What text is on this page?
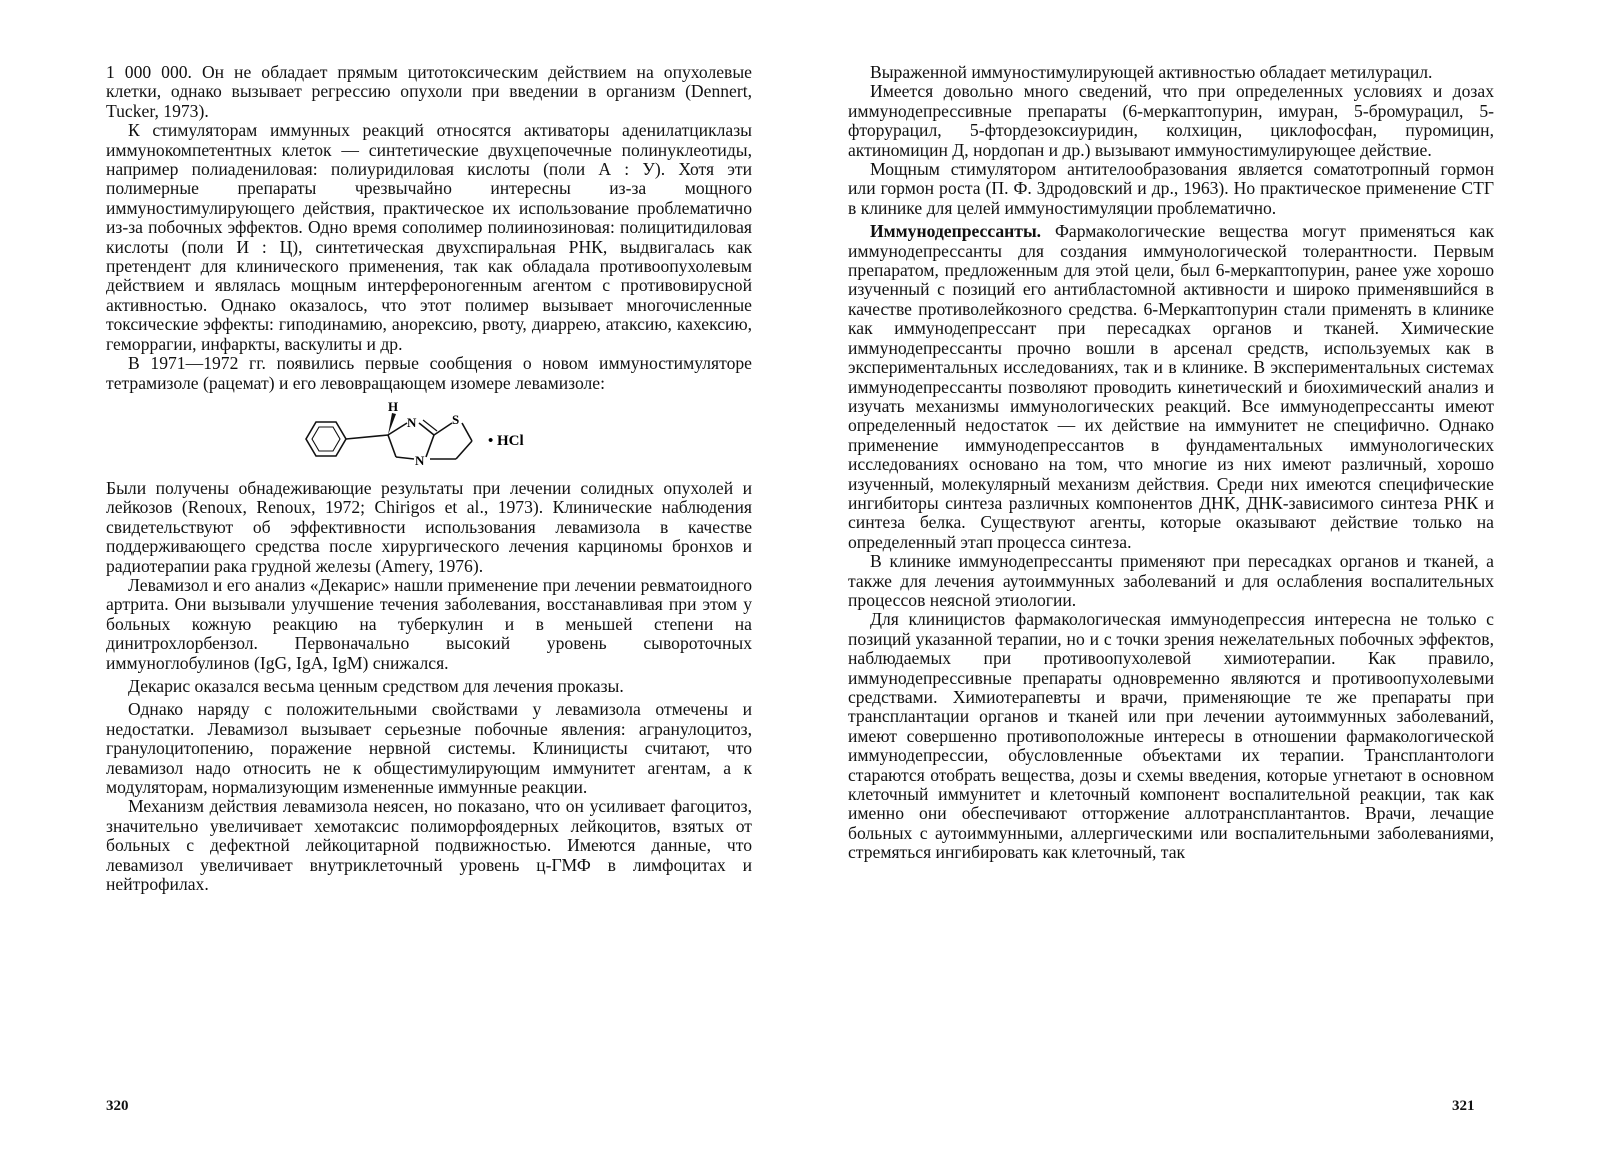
1 000 000. Он не обладает прямым цитотоксическим действием на опухолевые клетки, однако вызывает регрессию опухоли при введении в организм (Dennert, Tucker, 1973).

К стимуляторам иммунных реакций относятся активаторы аденилатциклазы иммунокомпетентных клеток — синтетические двухцепочечные полинуклеотиды, например полиадениловая: полиуридиловая кислоты (поли А : У). Хотя эти полимерные препараты чрезвычайно интересны из-за мощного иммуностимулирующего действия, практическое их использование проблематично из-за побочных эффектов. Одно время сополимер полиинозиновая: полицитидиловая кислоты (поли И : Ц), синтетическая двухспиральная РНК, выдвигалась как претендент для клинического применения, так как обладала противоопухолевым действием и являлась мощным интерфероногенным агентом с противовирусной активностью. Однако оказалось, что этот полимер вызывает многочисленные токсические эффекты: гиподинамию, анорексию, рвоту, диаррею, атаксию, кахексию, геморрагии, инфаркты, васкулиты и др.

В 1971—1972 гг. появились первые сообщения о новом иммуностимуляторе тетрамизоле (рацемат) и его левовращающем изомере левамизоле:

H
N
N
S
• HCl

Были получены обнадеживающие результаты при лечении солидных опухолей и лейкозов (Renoux, Renoux, 1972; Chirigos et al., 1973). Клинические наблюдения свидетельствуют об эффективности использования левамизола в качестве поддерживающего средства после хирургического лечения карциномы бронхов и радиотерапии рака грудной железы (Amery, 1976).

Левамизол и его анализ «Декарис» нашли применение при лечении ревматоидного артрита. Они вызывали улучшение течения заболевания, восстанавливая при этом у больных кожную реакцию на туберкулин и в меньшей степени на динитрохлорбензол. Первоначально высокий уровень сывороточных иммуноглобулинов (IgG, IgA, IgM) снижался.

Декарис оказался весьма ценным средством для лечения проказы.

Однако наряду с положительными свойствами у левамизола отмечены и недостатки. Левамизол вызывает серьезные побочные явления: агранулоцитоз, гранулоцитопению, поражение нервной системы. Клиницисты считают, что левамизол надо относить не к общестимулирующим иммунитет агентам, а к модуляторам, нормализующим измененные иммунные реакции.

Механизм действия левамизола неясен, но показано, что он усиливает фагоцитоз, значительно увеличивает хемотаксис полиморфоядерных лейкоцитов, взятых от больных с дефектной лейкоцитарной подвижностью. Имеются данные, что левамизол увеличивает внутриклеточный уровень ц-ГМФ в лимфоцитах и нейтрофилах.

320

Выраженной иммуностимулирующей активностью обладает метилурацил.

Имеется довольно много сведений, что при определенных условиях и дозах иммунодепрессивные препараты (6-меркаптопурин, имуран, 5-бромурацил, 5-фторурацил, 5-фтордезоксиуридин, колхицин, циклофосфан, пуромицин, актиномицин Д, нордопан и др.) вызывают иммуностимулирующее действие.

Мощным стимулятором антителообразования является соматотропный гормон или гормон роста (П. Ф. Здродовский и др., 1963). Но практическое применение СТГ в клинике для целей иммуностимуляции проблематично.

Иммунодепрессанты. Фармакологические вещества могут применяться как иммунодепрессанты для создания иммунологической толерантности. Первым препаратом, предложенным для этой цели, был 6-меркаптопурин, ранее уже хорошо изученный с позиций его антибластомной активности и широко применявшийся в качестве противолейкозного средства. 6-Меркаптопурин стали применять в клинике как иммунодепрессант при пересадках органов и тканей. Химические иммунодепрессанты прочно вошли в арсенал средств, используемых как в экспериментальных исследованиях, так и в клинике. В экспериментальных системах иммунодепрессанты позволяют проводить кинетический и биохимический анализ и изучать механизмы иммунологических реакций. Все иммунодепрессанты имеют определенный недостаток — их действие на иммунитет не специфично. Однако применение иммунодепрессантов в фундаментальных иммунологических исследованиях основано на том, что многие из них имеют различный, хорошо изученный, молекулярный механизм действия. Среди них имеются специфические ингибиторы синтеза различных компонентов ДНК, ДНК-зависимого синтеза РНК и синтеза белка. Существуют агенты, которые оказывают действие только на определенный этап процесса синтеза.

В клинике иммунодепрессанты применяют при пересадках органов и тканей, а также для лечения аутоиммунных заболеваний и для ослабления воспалительных процессов неясной этиологии.

Для клиницистов фармакологическая иммунодепрессия интересна не только с позиций указанной терапии, но и с точки зрения нежелательных побочных эффектов, наблюдаемых при противоопухолевой химиотерапии. Как правило, иммунодепрессивные препараты одновременно являются и противоопухолевыми средствами. Химиотерапевты и врачи, применяющие те же препараты при трансплантации органов и тканей или при лечении аутоиммунных заболеваний, имеют совершенно противоположные интересы в отношении фармакологической иммунодепрессии, обусловленные объектами их терапии. Трансплантологи стараются отобрать вещества, дозы и схемы введения, которые угнетают в основном клеточный иммунитет и клеточный компонент воспалительной реакции, так как именно они обеспечивают отторжение аллотрансплантантов. Врачи, лечащие больных с аутоиммунными, аллергическими или воспалительными заболеваниями, стремяться ингибировать как клеточный, так

321
